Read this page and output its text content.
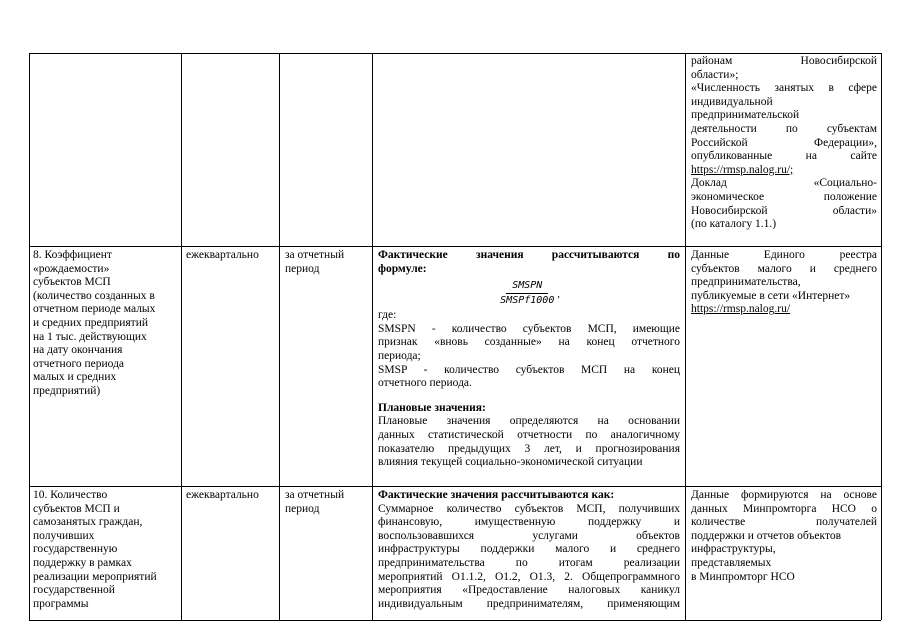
районам Новосибирской

области»;

«Численность занятых в сфере

индивидуальной

предпринимательской

деятельности по субъектам

Российской Федерации»,

опубликованные на сайте

https://rmsp.nalog.ru/;

Доклад «Социально-

экономическое положение

Новосибирской области»

(по каталогу 1.1.)

8. Коэффициент

«рождаемости»

субъектов МСП

(количество созданных в

отчетном периоде малых

и средних предприятий

на 1 тыс. действующих

на дату окончания

отчетного периода

малых и средних

предприятий)

ежеквартально	за отчетный

период

Фактические значения рассчитываются по

формуле:

$\frac{\text{SMSPN}}{\text{SMSPf1000}}$ ,

где:

SMSPN - количество субъектов МСП, имеющие

признак «вновь созданные» на конец отчетного

периода;

SMSP - количество субъектов МСП на конец

отчетного периода.

Плановые значения:

Плановые значения определяются на основании

данных статистической отчетности по аналогичному

показателю предыдущих 3 лет, и прогнозирования

влияния текущей социально-экономической ситуации

Данные Единого реестра

субъектов малого и среднего

предпринимательства,

публикуемые в сети «Интернет»

https://rmsp.nalog.ru/

10. Количество

субъектов МСП и

самозанятых граждан,

получивших

государственную

поддержку в рамках

реализации мероприятий

государственной

программы

ежеквартально	за отчетный

период

Фактические значения рассчитываются как:

Суммарное количество субъектов МСП, получивших

финансовую, имущественную поддержку и

воспользовавшихся услугами объектов

инфраструктуры поддержки малого и среднего

предпринимательства по итогам реализации

мероприятий О1.1.2, О1.2, О1.3, 2. Общепрограммного

мероприятия «Предоставление налоговых каникул

индивидуальным предпринимателям, применяющим

Данные формируются на основе

данных Минпромторга НСО о

количестве получателей

поддержки и отчетов объектов

инфраструктуры,

представляемых

в Минпромторг НСО
